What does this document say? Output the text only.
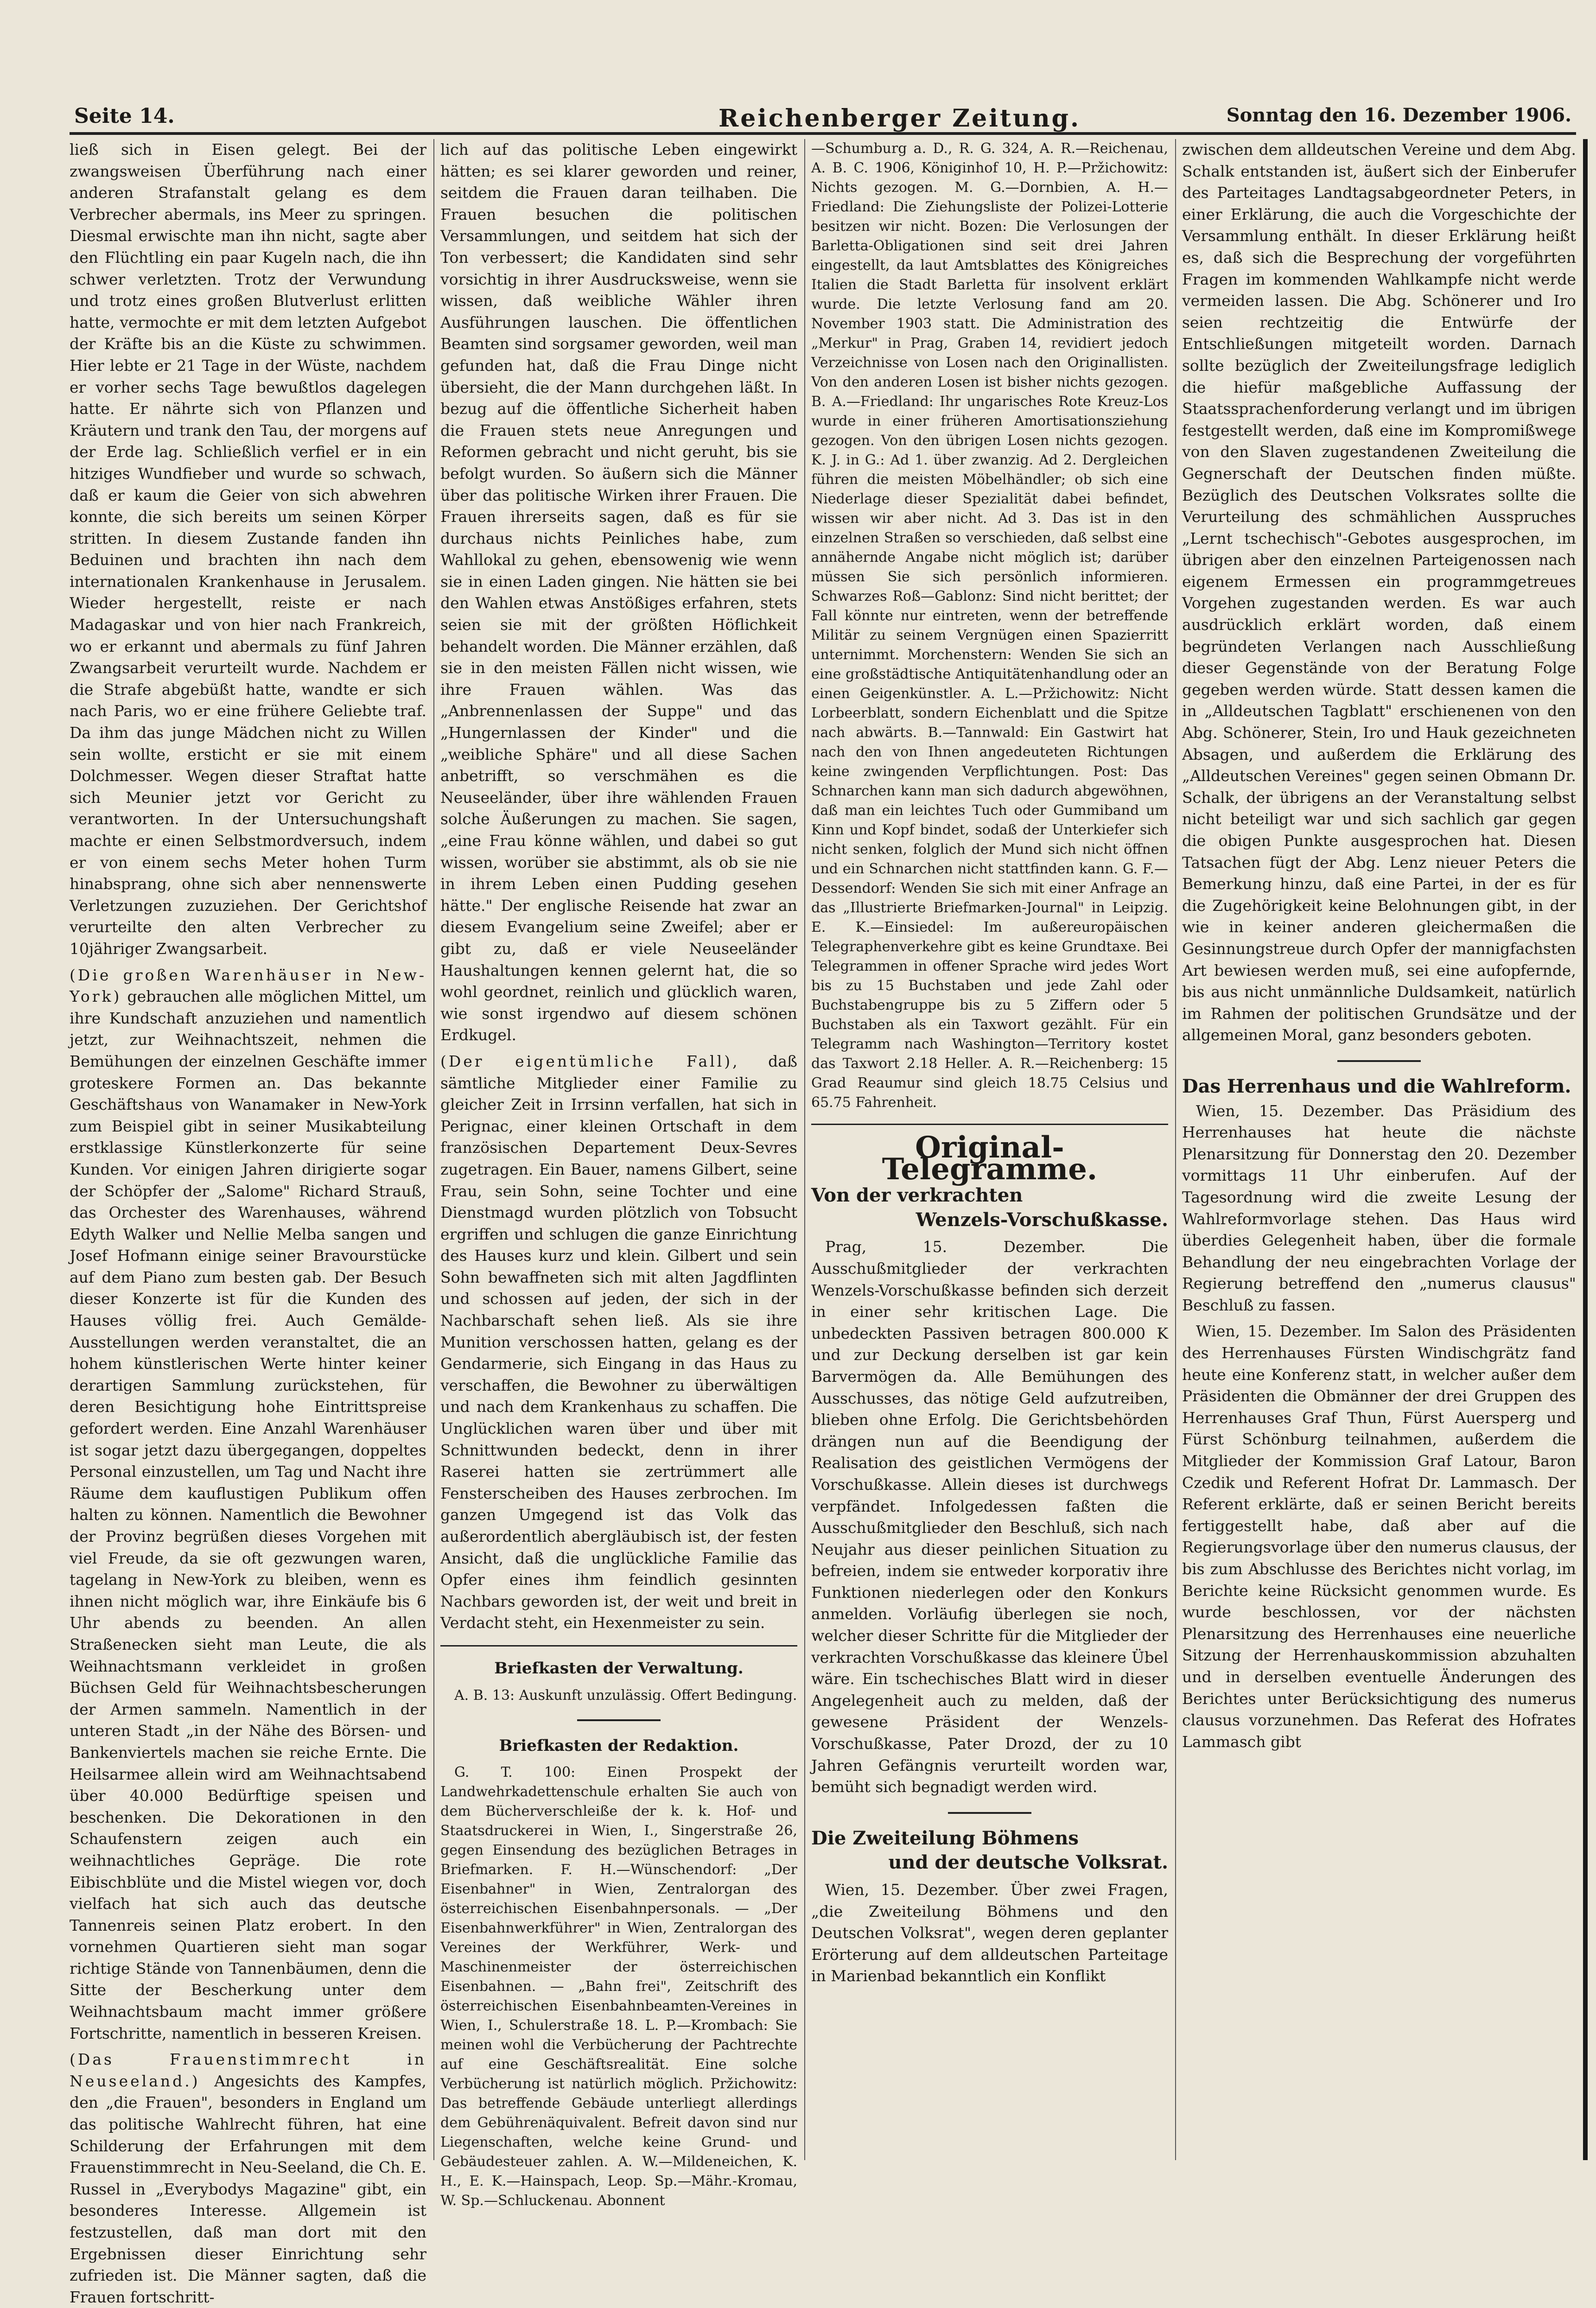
Seite 14.	Reichenberger Zeitung.	Sonntag den 16. Dezember 1906.

ließ sich in Eisen gelegt. Bei der zwangsweisen Überführung nach einer anderen Strafanstalt gelang es dem Verbrecher abermals, ins Meer zu springen. Diesmal erwischte man ihn nicht, sagte aber den Flüchtling ein paar Kugeln nach, die ihn schwer verletzten. Trotz der Verwundung und trotz eines großen Blutverlust erlitten hatte, vermochte er mit dem letzten Aufgebot der Kräfte bis an die Küste zu schwimmen. Hier lebte er 21 Tage in der Wüste, nachdem er vorher sechs Tage bewußtlos dagelegen hatte. Er nährte sich von Pflanzen und Kräutern und trank den Tau, der morgens auf der Erde lag. Schließlich verfiel er in ein hitziges Wundfieber und wurde so schwach, daß er kaum die Geier von sich abwehren konnte, die sich bereits um seinen Körper stritten. In diesem Zustande fanden ihn Beduinen und brachten ihn nach dem internationalen Krankenhause in Jerusalem. Wieder hergestellt, reiste er nach Madagaskar und von hier nach Frankreich, wo er erkannt und abermals zu fünf Jahren Zwangsarbeit verurteilt wurde. Nachdem er die Strafe abgebüßt hatte, wandte er sich nach Paris, wo er eine frühere Geliebte traf. Da ihm das junge Mädchen nicht zu Willen sein wollte, ersticht er sie mit einem Dolchmesser. Wegen dieser Straftat hatte sich Meunier jetzt vor Gericht zu verantworten. In der Untersuchungshaft machte er einen Selbstmordversuch, indem er von einem sechs Meter hohen Turm hinabsprang, ohne sich aber nennenswerte Verletzungen zuzuziehen. Der Gerichtshof verurteilte den alten Verbrecher zu 10jähriger Zwangsarbeit.

(Die großen Warenhäuser in New-York) gebrauchen alle möglichen Mittel, um ihre Kundschaft anzuziehen und namentlich jetzt, zur Weihnachtszeit, nehmen die Bemühungen der einzelnen Geschäfte immer groteskere Formen an. Das bekannte Geschäftshaus von Wanamaker in New-York zum Beispiel gibt in seiner Musikabteilung erstklassige Künstlerkonzerte für seine Kunden. Vor einigen Jahren dirigierte sogar der Schöpfer der „Salome" Richard Strauß, das Orchester des Warenhauses, während Edyth Walker und Nellie Melba sangen und Josef Hofmann einige seiner Bravourstücke auf dem Piano zum besten gab. Der Besuch dieser Konzerte ist für die Kunden des Hauses völlig frei. Auch Gemälde-Ausstellungen werden veranstaltet, die an hohem künstlerischen Werte hinter keiner derartigen Sammlung zurückstehen, für deren Besichtigung hohe Eintrittspreise gefordert werden. Eine Anzahl Warenhäuser ist sogar jetzt dazu übergegangen, doppeltes Personal einzustellen, um Tag und Nacht ihre Räume dem kauflustigen Publikum offen halten zu können. Namentlich die Bewohner der Provinz begrüßen dieses Vorgehen mit viel Freude, da sie oft gezwungen waren, tagelang in New-York zu bleiben, wenn es ihnen nicht möglich war, ihre Einkäufe bis 6 Uhr abends zu beenden. An allen Straßenecken sieht man Leute, die als Weihnachtsmann verkleidet in großen Büchsen Geld für Weihnachtsbescherungen der Armen sammeln. Namentlich in der unteren Stadt „in der Nähe des Börsen- und Bankenviertels machen sie reiche Ernte. Die Heilsarmee allein wird am Weihnachtsabend über 40.000 Bedürftige speisen und beschenken. Die Dekorationen in den Schaufenstern zeigen auch ein weihnachtliches Gepräge. Die rote Eibischblüte und die Mistel wiegen vor, doch vielfach hat sich auch das deutsche Tannenreis seinen Platz erobert. In den vornehmen Quartieren sieht man sogar richtige Stände von Tannenbäumen, denn die Sitte der Bescherkung unter dem Weihnachtsbaum macht immer größere Fortschritte, namentlich in besseren Kreisen.

(Das Frauenstimmrecht in Neuseeland.) Angesichts des Kampfes, den „die Frauen", besonders in England um das politische Wahlrecht führen, hat eine Schilderung der Erfahrungen mit dem Frauenstimmrecht in Neu-Seeland, die Ch. E. Russel in „Everybodys Magazine" gibt, ein besonderes Interesse. Allgemein ist festzustellen, daß man dort mit den Ergebnissen dieser Einrichtung sehr zufrieden ist. Die Männer sagten, daß die Frauen fortschritt-

lich auf das politische Leben eingewirkt hätten; es sei klarer geworden und reiner, seitdem die Frauen daran teilhaben. Die Frauen besuchen die politischen Versammlungen, und seitdem hat sich der Ton verbessert; die Kandidaten sind sehr vorsichtig in ihrer Ausdrucksweise, wenn sie wissen, daß weibliche Wähler ihren Ausführungen lauschen. Die öffentlichen Beamten sind sorgsamer geworden, weil man gefunden hat, daß die Frau Dinge nicht übersieht, die der Mann durchgehen läßt. In bezug auf die öffentliche Sicherheit haben die Frauen stets neue Anregungen und Reformen gebracht und nicht geruht, bis sie befolgt wurden. So äußern sich die Männer über das politische Wirken ihrer Frauen. Die Frauen ihrerseits sagen, daß es für sie durchaus nichts Peinliches habe, zum Wahllokal zu gehen, ebensowenig wie wenn sie in einen Laden gingen. Nie hätten sie bei den Wahlen etwas Anstößiges erfahren, stets seien sie mit der größten Höflichkeit behandelt worden. Die Männer erzählen, daß sie in den meisten Fällen nicht wissen, wie ihre Frauen wählen. Was das „Anbrennenlassen der Suppe" und das „Hungernlassen der Kinder" und die „weibliche Sphäre" und all diese Sachen anbetrifft, so verschmähen es die Neuseeländer, über ihre wählenden Frauen solche Äußerungen zu machen. Sie sagen, „eine Frau könne wählen, und dabei so gut wissen, worüber sie abstimmt, als ob sie nie in ihrem Leben einen Pudding gesehen hätte." Der englische Reisende hat zwar an diesem Evangelium seine Zweifel; aber er gibt zu, daß er viele Neuseeländer Haushaltungen kennen gelernt hat, die so wohl geordnet, reinlich und glücklich waren, wie sonst irgendwo auf diesem schönen Erdkugel.

(Der eigentümliche Fall), daß sämtliche Mitglieder einer Familie zu gleicher Zeit in Irrsinn verfallen, hat sich in Perignac, einer kleinen Ortschaft in dem französischen Departement Deux-Sevres zugetragen. Ein Bauer, namens Gilbert, seine Frau, sein Sohn, seine Tochter und eine Dienstmagd wurden plötzlich von Tobsucht ergriffen und schlugen die ganze Einrichtung des Hauses kurz und klein. Gilbert und sein Sohn bewaffneten sich mit alten Jagdflinten und schossen auf jeden, der sich in der Nachbarschaft sehen ließ. Als sie ihre Munition verschossen hatten, gelang es der Gendarmerie, sich Eingang in das Haus zu verschaffen, die Bewohner zu überwältigen und nach dem Krankenhaus zu schaffen. Die Unglücklichen waren über und über mit Schnittwunden bedeckt, denn in ihrer Raserei hatten sie zertrümmert alle Fensterscheiben des Hauses zerbrochen. Im ganzen Umgegend ist das Volk das außerordentlich abergläubisch ist, der festen Ansicht, daß die unglückliche Familie das Opfer eines ihm feindlich gesinnten Nachbars geworden ist, der weit und breit in Verdacht steht, ein Hexenmeister zu sein.

Briefkasten der Verwaltung.

A. B. 13: Auskunft unzulässig. Offert Bedingung.

Briefkasten der Redaktion.

G. T. 100: Einen Prospekt der Landwehrkadettenschule erhalten Sie auch von dem Bücherverschleiße der k. k. Hof- und Staatsdruckerei in Wien, I., Singerstraße 26, gegen Einsendung des bezüglichen Betrages in Briefmarken. F. H.—Wünschendorf: „Der Eisenbahner" in Wien, Zentralorgan des österreichischen Eisenbahnpersonals. — „Der Eisenbahnwerkführer" in Wien, Zentralorgan des Vereines der Werkführer, Werk- und Maschinenmeister der österreichischen Eisenbahnen. — „Bahn frei", Zeitschrift des österreichischen Eisenbahnbeamten-Vereines in Wien, I., Schulerstraße 18. L. P.—Krombach: Sie meinen wohl die Verbücherung der Pachtrechte auf eine Geschäftsrealität. Eine solche Verbücherung ist natürlich möglich. Pržichowitz: Das betreffende Gebäude unterliegt allerdings dem Gebührenäquivalent. Befreit davon sind nur Liegenschaften, welche keine Grund- und Gebäudesteuer zahlen. A. W.—Mildeneichen, K. H., E. K.—Hainspach, Leop. Sp.—Mähr.-Kromau, W. Sp.—Schluckenau. Abonnent

—Schumburg a. D., R. G. 324, A. R.—Reichenau, A. B. C. 1906, Königinhof 10, H. P.—Pržichowitz: Nichts gezogen. M. G.—Dornbien, A. H.—Friedland: Die Ziehungsliste der Polizei-Lotterie besitzen wir nicht. Bozen: Die Verlosungen der Barletta-Obligationen sind seit drei Jahren eingestellt, da laut Amtsblattes des Königreiches Italien die Stadt Barletta für insolvent erklärt wurde. Die letzte Verlosung fand am 20. November 1903 statt. Die Administration des „Merkur" in Prag, Graben 14, revidiert jedoch Verzeichnisse von Losen nach den Originallisten. Von den anderen Losen ist bisher nichts gezogen. B. A.—Friedland: Ihr ungarisches Rote Kreuz-Los wurde in einer früheren Amortisationsziehung gezogen. Von den übrigen Losen nichts gezogen. K. J. in G.: Ad 1. über zwanzig. Ad 2. Dergleichen führen die meisten Möbelhändler; ob sich eine Niederlage dieser Spezialität dabei befindet, wissen wir aber nicht. Ad 3. Das ist in den einzelnen Straßen so verschieden, daß selbst eine annähernde Angabe nicht möglich ist; darüber müssen Sie sich persönlich informieren. Schwarzes Roß—Gablonz: Sind nicht berittet; der Fall könnte nur eintreten, wenn der betreffende Militär zu seinem Vergnügen einen Spazierritt unternimmt. Morchenstern: Wenden Sie sich an eine großstädtische Antiquitätenhandlung oder an einen Geigenkünstler. A. L.—Pržichowitz: Nicht Lorbeerblatt, sondern Eichenblatt und die Spitze nach abwärts. B.—Tannwald: Ein Gastwirt hat nach den von Ihnen angedeuteten Richtungen keine zwingenden Verpflichtungen. Post: Das Schnarchen kann man sich dadurch abgewöhnen, daß man ein leichtes Tuch oder Gummiband um Kinn und Kopf bindet, sodaß der Unterkiefer sich nicht senken, folglich der Mund sich nicht öffnen und ein Schnarchen nicht stattfinden kann. G. F.—Dessendorf: Wenden Sie sich mit einer Anfrage an das „Illustrierte Briefmarken-Journal" in Leipzig. E. K.—Einsiedel: Im außereuropäischen Telegraphenverkehre gibt es keine Grundtaxe. Bei Telegrammen in offener Sprache wird jedes Wort bis zu 15 Buchstaben und jede Zahl oder Buchstabengruppe bis zu 5 Ziffern oder 5 Buchstaben als ein Taxwort gezählt. Für ein Telegramm nach Washington—Territory kostet das Taxwort 2.18 Heller. A. R.—Reichenberg: 15 Grad Reaumur sind gleich 18.75 Celsius und 65.75 Fahrenheit.

Original-Telegramme.
Von der verkrachten
Wenzels-Vorschußkasse.

Prag, 15. Dezember. Die Ausschußmitglieder der verkrachten Wenzels-Vorschußkasse befinden sich derzeit in einer sehr kritischen Lage. Die unbedeckten Passiven betragen 800.000 K und zur Deckung derselben ist gar kein Barvermögen da. Alle Bemühungen des Ausschusses, das nötige Geld aufzutreiben, blieben ohne Erfolg. Die Gerichtsbehörden drängen nun auf die Beendigung der Realisation des geistlichen Vermögens der Vorschußkasse. Allein dieses ist durchwegs verpfändet. Infolgedessen faßten die Ausschußmitglieder den Beschluß, sich nach Neujahr aus dieser peinlichen Situation zu befreien, indem sie entweder korporativ ihre Funktionen niederlegen oder den Konkurs anmelden. Vorläufig überlegen sie noch, welcher dieser Schritte für die Mitglieder der verkrachten Vorschußkasse das kleinere Übel wäre. Ein tschechisches Blatt wird in dieser Angelegenheit auch zu melden, daß der gewesene Präsident der Wenzels-Vorschußkasse, Pater Drozd, der zu 10 Jahren Gefängnis verurteilt worden war, bemüht sich begnadigt werden wird.

Die Zweiteilung Böhmens
und der deutsche Volksrat.

Wien, 15. Dezember. Über zwei Fragen, „die Zweiteilung Böhmens und den Deutschen Volksrat", wegen deren geplanter Erörterung auf dem alldeutschen Parteitage in Marienbad bekanntlich ein Konflikt

zwischen dem alldeutschen Vereine und dem Abg. Schalk entstanden ist, äußert sich der Einberufer des Parteitages Landtagsabgeordneter Peters, in einer Erklärung, die auch die Vorgeschichte der Versammlung enthält. In dieser Erklärung heißt es, daß sich die Besprechung der vorgeführten Fragen im kommenden Wahlkampfe nicht werde vermeiden lassen. Die Abg. Schönerer und Iro seien rechtzeitig die Entwürfe der Entschließungen mitgeteilt worden. Darnach sollte bezüglich der Zweiteilungsfrage lediglich die hiefür maßgebliche Auffassung der Staatssprachenforderung verlangt und im übrigen festgestellt werden, daß eine im Kompromißwege von den Slaven zugestandenen Zweiteilung die Gegnerschaft der Deutschen finden müßte. Bezüglich des Deutschen Volksrates sollte die Verurteilung des schmählichen Ausspruches „Lernt tschechisch"-Gebotes ausgesprochen, im übrigen aber den einzelnen Parteigenossen nach eigenem Ermessen ein programmgetreues Vorgehen zugestanden werden. Es war auch ausdrücklich erklärt worden, daß einem begründeten Verlangen nach Ausschließung dieser Gegenstände von der Beratung Folge gegeben werden würde. Statt dessen kamen die in „Alldeutschen Tagblatt" erschienenen von den Abg. Schönerer, Stein, Iro und Hauk gezeichneten Absagen, und außerdem die Erklärung des „Alldeutschen Vereines" gegen seinen Obmann Dr. Schalk, der übrigens an der Veranstaltung selbst nicht beteiligt war und sich sachlich gar gegen die obigen Punkte ausgesprochen hat. Diesen Tatsachen fügt der Abg. Lenz nieuer Peters die Bemerkung hinzu, daß eine Partei, in der es für die Zugehörigkeit keine Belohnungen gibt, in der wie in keiner anderen gleichermaßen die Gesinnungstreue durch Opfer der mannigfachsten Art bewiesen werden muß, sei eine aufopfernde, bis aus nicht unmännliche Duldsamkeit, natürlich im Rahmen der politischen Grundsätze und der allgemeinen Moral, ganz besonders geboten.

Das Herrenhaus und die Wahlreform.

Wien, 15. Dezember. Das Präsidium des Herrenhauses hat heute die nächste Plenarsitzung für Donnerstag den 20. Dezember vormittags 11 Uhr einberufen. Auf der Tagesordnung wird die zweite Lesung der Wahlreformvorlage stehen. Das Haus wird überdies Gelegenheit haben, über die formale Behandlung der neu eingebrachten Vorlage der Regierung betreffend den „numerus clausus" Beschluß zu fassen.

Wien, 15. Dezember. Im Salon des Präsidenten des Herrenhauses Fürsten Windischgrätz fand heute eine Konferenz statt, in welcher außer dem Präsidenten die Obmänner der drei Gruppen des Herrenhauses Graf Thun, Fürst Auersperg und Fürst Schönburg teilnahmen, außerdem die Mitglieder der Kommission Graf Latour, Baron Czedik und Referent Hofrat Dr. Lammasch. Der Referent erklärte, daß er seinen Bericht bereits fertiggestellt habe, daß aber auf die Regierungsvorlage über den numerus clausus, der bis zum Abschlusse des Berichtes nicht vorlag, im Berichte keine Rücksicht genommen wurde. Es wurde beschlossen, vor der nächsten Plenarsitzung des Herrenhauses eine neuerliche Sitzung der Herrenhauskommission abzuhalten und in derselben eventuelle Änderungen des Berichtes unter Berücksichtigung des numerus clausus vorzunehmen. Das Referat des Hofrates Lammasch gibt
